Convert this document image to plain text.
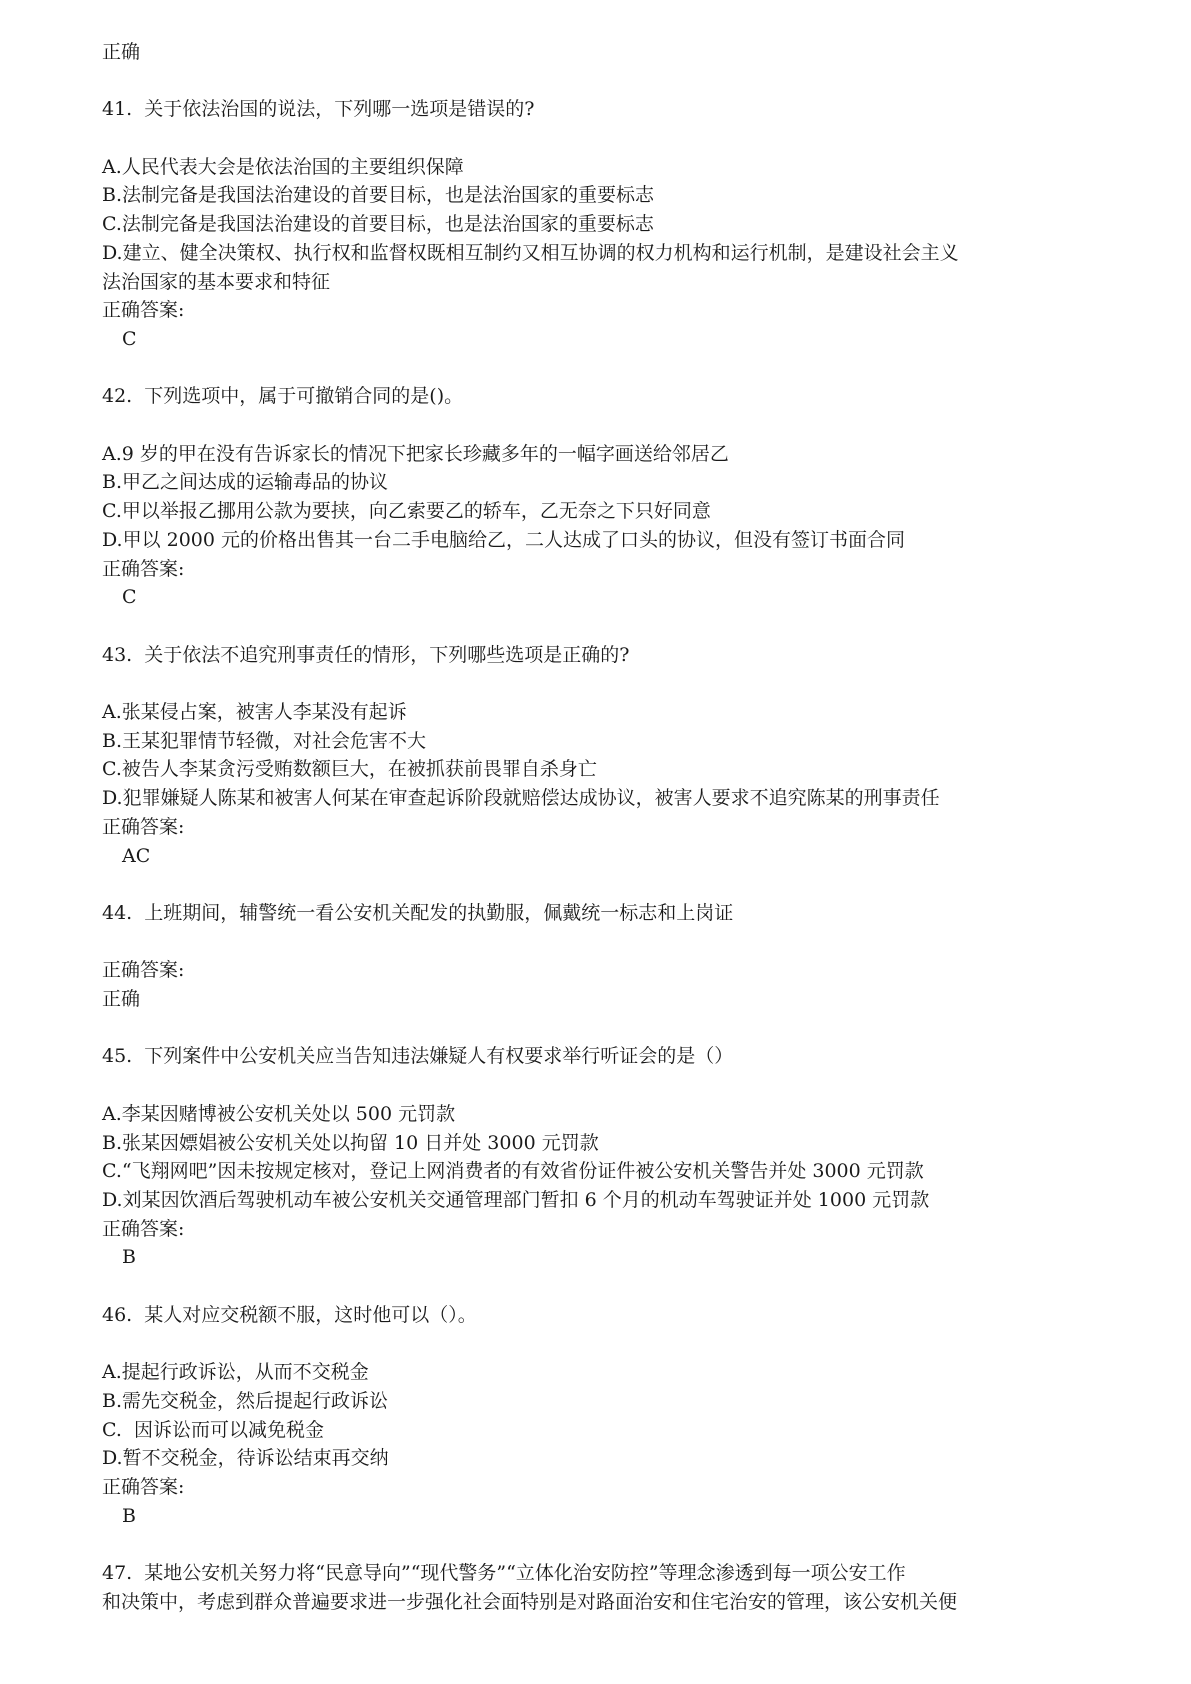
正确
41.  关于依法治国的说法，下列哪一选项是错误的?
A.人民代表大会是依法治国的主要组织保障
B.法制完备是我国法治建设的首要目标，也是法治国家的重要标志
C.法制完备是我国法治建设的首要目标，也是法治国家的重要标志
D.建立、健全决策权、执行权和监督权既相互制约又相互协调的权力机构和运行机制，是建设社会主义
法治国家的基本要求和特征
正确答案:
C
42.  下列选项中，属于可撤销合同的是()。
A.9 岁的甲在没有告诉家长的情况下把家长珍藏多年的一幅字画送给邻居乙
B.甲乙之间达成的运输毒品的协议
C.甲以举报乙挪用公款为要挟，向乙索要乙的轿车，乙无奈之下只好同意
D.甲以 2000 元的价格出售其一台二手电脑给乙，二人达成了口头的协议，但没有签订书面合同
正确答案:
C
43.  关于依法不追究刑事责任的情形，下列哪些选项是正确的?
A.张某侵占案，被害人李某没有起诉
B.王某犯罪情节轻微，对社会危害不大
C.被告人李某贪污受贿数额巨大，在被抓获前畏罪自杀身亡
D.犯罪嫌疑人陈某和被害人何某在审查起诉阶段就赔偿达成协议，被害人要求不追究陈某的刑事责任
正确答案:
AC
44.  上班期间，辅警统一看公安机关配发的执勤服，佩戴统一标志和上岗证
正确答案:
正确
45.  下列案件中公安机关应当告知违法嫌疑人有权要求举行听证会的是（）
A.李某因赌博被公安机关处以 500 元罚款
B.张某因嫖娼被公安机关处以拘留 10 日并处 3000 元罚款
C.“飞翔网吧”因未按规定核对，登记上网消费者的有效省份证件被公安机关警告并处 3000 元罚款
D.刘某因饮酒后驾驶机动车被公安机关交通管理部门暂扣 6 个月的机动车驾驶证并处 1000 元罚款
正确答案:
B
46.  某人对应交税额不服，这时他可以（）。
A.提起行政诉讼，从而不交税金
B.需先交税金，然后提起行政诉讼
C.  因诉讼而可以减免税金
D.暂不交税金，待诉讼结束再交纳
正确答案:
B
47.  某地公安机关努力将“民意导向”“现代警务”“立体化治安防控”等理念渗透到每一项公安工作
和决策中，考虑到群众普遍要求进一步强化社会面特别是对路面治安和住宅治安的管理，该公安机关便
